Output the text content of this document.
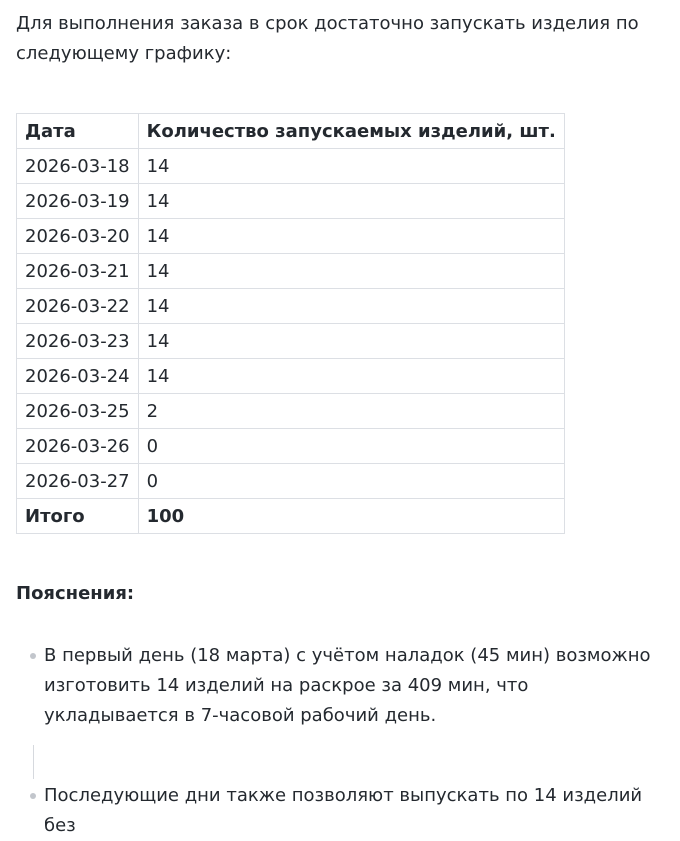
Для выполнения заказа в срок достаточно запускать изделия по следующему графику:

Дата	Количество запускаемых изделий, шт.
2026-03-18	14
2026-03-19	14
2026-03-20	14
2026-03-21	14
2026-03-22	14
2026-03-23	14
2026-03-24	14
2026-03-25	2
2026-03-26	0
2026-03-27	0
Итого	100

Пояснения:

В первый день (18 марта) с учётом наладок (45 мин) возможно изготовить 14 изделий на раскрое за 409 мин, что укладывается в 7-часовой рабочий день.
Последующие дни также позволяют выпускать по 14 изделий без
